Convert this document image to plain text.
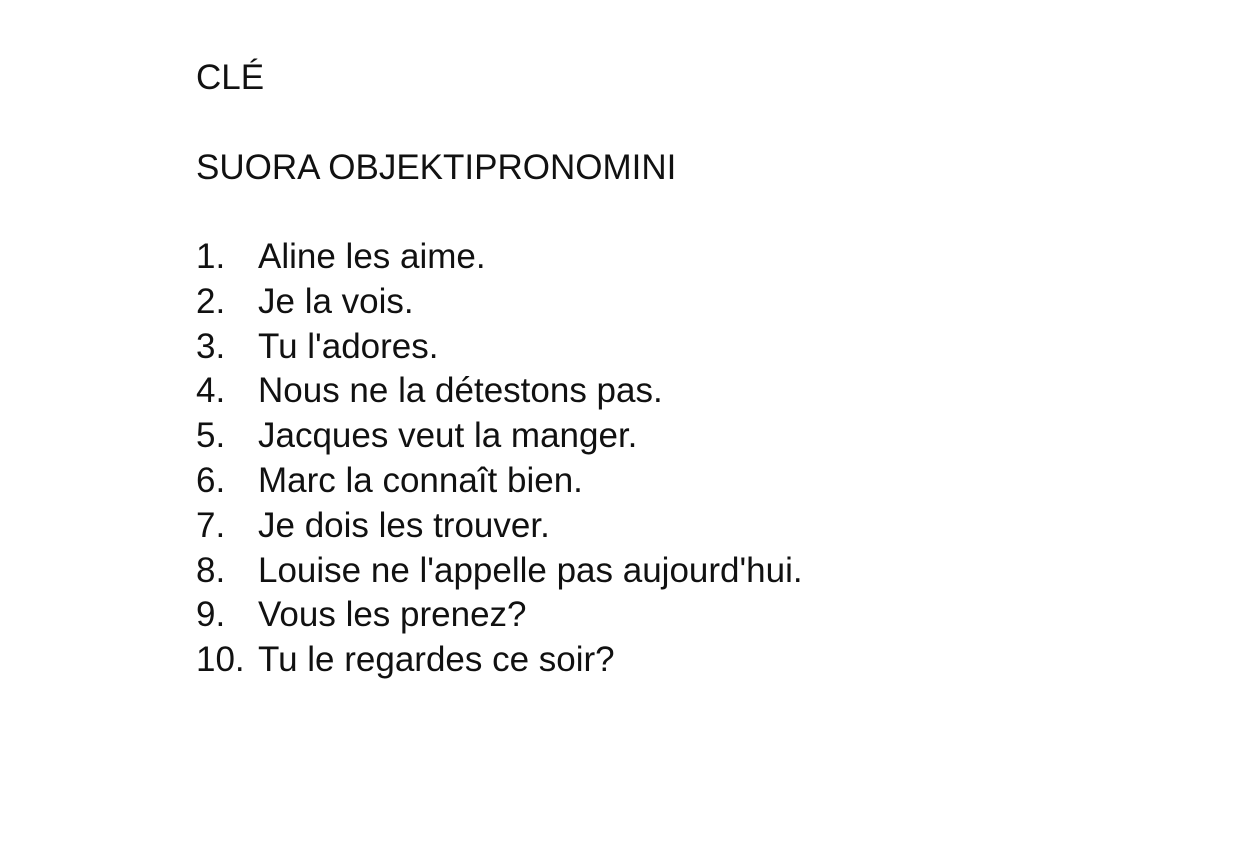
CLÉ
SUORA OBJEKTIPRONOMINI
1. Aline les aime.
2. Je la vois.
3. Tu l'adores.
4. Nous ne la détestons pas.
5. Jacques veut la manger.
6. Marc la connaît bien.
7. Je dois les trouver.
8. Louise ne l'appelle pas aujourd'hui.
9. Vous les prenez?
10. Tu le regardes ce soir?
